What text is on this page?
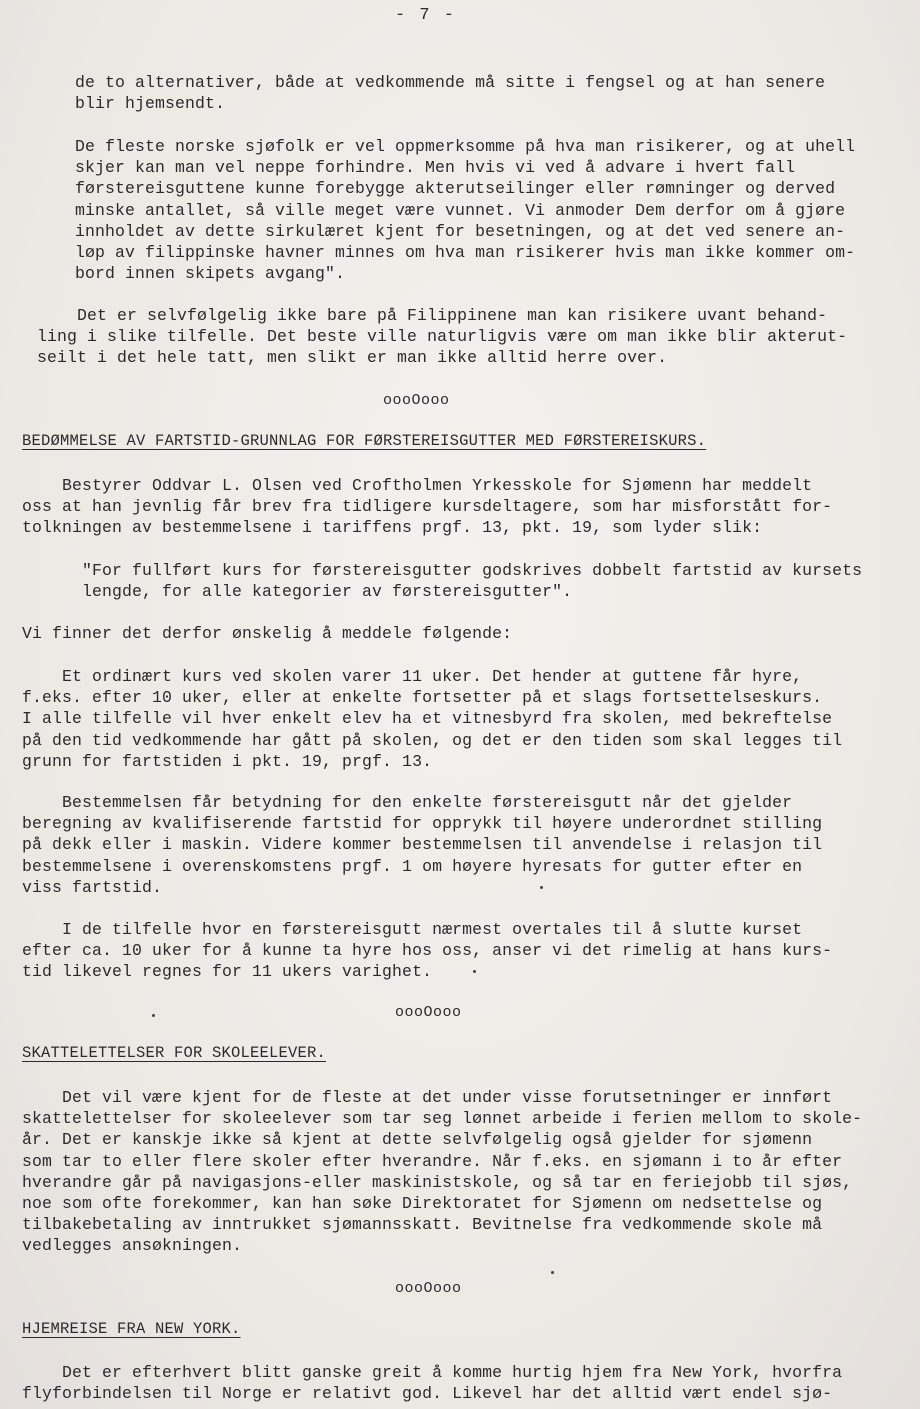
- 7 -
de to alternativer, både at vedkommende må sitte i fengsel og at han senere
blir hjemsendt.
De fleste norske sjøfolk er vel oppmerksomme på hva man risikerer, og at uhell
skjer kan man vel neppe forhindre. Men hvis vi ved å advare i hvert fall
førstereisguttene kunne forebygge akterutseilinger eller rømninger og derved
minske antallet, så ville meget være vunnet. Vi anmoder Dem derfor om å gjøre
innholdet av dette sirkulæret kjent for besetningen, og at det ved senere an-
løp av filippinske havner minnes om hva man risikerer hvis man ikke kommer om-
bord innen skipets avgang".
Det er selvfølgelig ikke bare på Filippinene man kan risikere uvant behand-
ling i slike tilfelle. Det beste ville naturligvis være om man ikke blir akterut-
seilt i det hele tatt, men slikt er man ikke alltid herre over.
oooOooo
BEDØMMELSE AV FARTSTID-GRUNNLAG FOR FØRSTEREISGUTTER MED FØRSTEREISKURS.
Bestyrer Oddvar L. Olsen ved Croftholmen Yrkesskole for Sjømenn har meddelt
oss at han jevnlig får brev fra tidligere kursdeltagere, som har misforstått for-
tolkningen av bestemmelsene i tariffens prgf. 13, pkt. 19, som lyder slik:
"For fullført kurs for førstereisgutter godskrives dobbelt fartstid av kursets
lengde, for alle kategorier av førstereisgutter".
Vi finner det derfor ønskelig å meddele følgende:
Et ordinært kurs ved skolen varer 11 uker. Det hender at guttene får hyre,
f.eks. efter 10 uker, eller at enkelte fortsetter på et slags fortsettelseskurs.
I alle tilfelle vil hver enkelt elev ha et vitnesbyrd fra skolen, med bekreftelse
på den tid vedkommende har gått på skolen, og det er den tiden som skal legges til
grunn for fartstiden i pkt. 19, prgf. 13.
Bestemmelsen får betydning for den enkelte førstereisgutt når det gjelder
beregning av kvalifiserende fartstid for opprykk til høyere underordnet stilling
på dekk eller i maskin. Videre kommer bestemmelsen til anvendelse i relasjon til
bestemmelsene i overenskomstens prgf. 1 om høyere hyresats for gutter efter en
viss fartstid.
I de tilfelle hvor en førstereisgutt nærmest overtales til å slutte kurset
efter ca. 10 uker for å kunne ta hyre hos oss, anser vi det rimelig at hans kurs-
tid likevel regnes for 11 ukers varighet.
oooOooo
SKATTELETTELSER FOR SKOLEELEVER.
Det vil være kjent for de fleste at det under visse forutsetninger er innført
skattelettelser for skoleelever som tar seg lønnet arbeide i ferien mellom to skole-
år. Det er kanskje ikke så kjent at dette selvfølgelig også gjelder for sjømenn
som tar to eller flere skoler efter hverandre. Når f.eks. en sjømann i to år efter
hverandre går på navigasjons-eller maskinistskole, og så tar en feriejobb til sjøs,
noe som ofte forekommer, kan han søke Direktoratet for Sjømenn om nedsettelse og
tilbakebetaling av inntrukket sjømannsskatt. Bevitnelse fra vedkommende skole må
vedlegges ansøkningen.
oooOooo
HJEMREISE FRA NEW YORK.
Det er efterhvert blitt ganske greit å komme hurtig hjem fra New York, hvorfra
flyforbindelsen til Norge er relativt god. Likevel har det alltid vært endel sjø-
